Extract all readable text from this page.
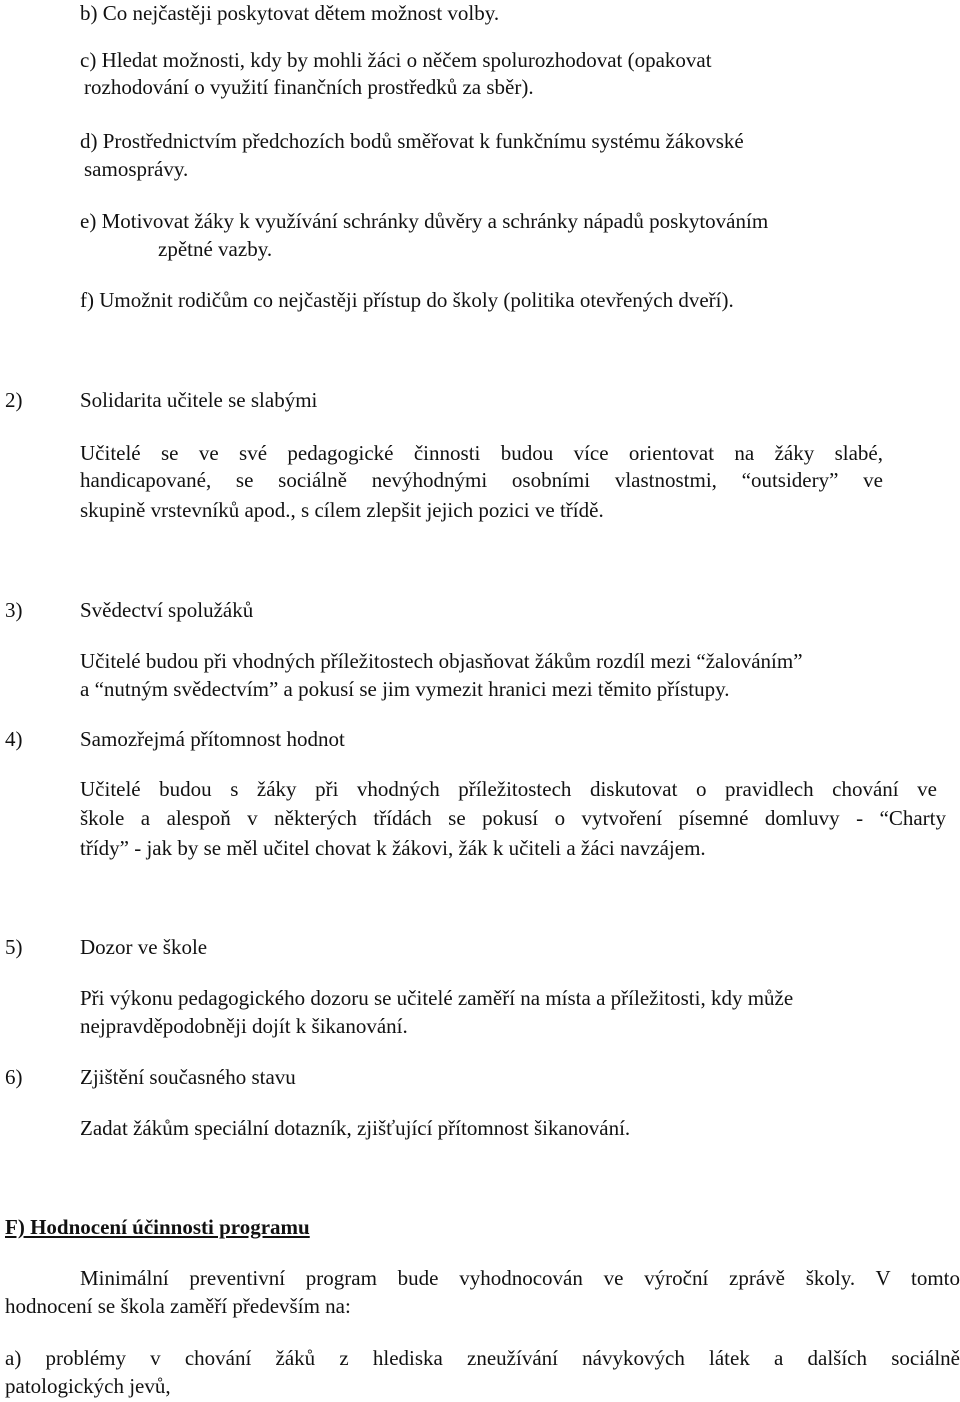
b) Co nejčastěji poskytovat dětem možnost volby.

c) Hledat možnosti, kdy by mohli žáci o něčem spolurozhodovat (opakovat

rozhodování o využití finančních prostředků za sběr).

d) Prostřednictvím předchozích bodů směřovat k funkčnímu systému žákovské

samosprávy.

e) Motivovat žáky k využívání schránky důvěry a schránky nápadů poskytováním

zpětné vazby.

f) Umožnit rodičům co nejčastěji přístup do školy (politika otevřených dveří).

2)	Solidarita učitele se slabými

Učitelé se ve své pedagogické činnosti budou více orientovat na žáky slabé,

handicapované, se sociálně nevýhodnými osobními vlastnostmi, “outsidery” ve

skupině vrstevníků apod., s cílem zlepšit jejich pozici ve třídě.

3)	Svědectví spolužáků

Učitelé budou při vhodných příležitostech objasňovat žákům rozdíl mezi “žalováním”

a “nutným svědectvím” a pokusí se jim vymezit hranici mezi těmito přístupy.

4)	Samozřejmá přítomnost hodnot

Učitelé budou s žáky při vhodných příležitostech diskutovat o pravidlech chování ve

škole a alespoň v některých třídách se pokusí o vytvoření písemné domluvy - “Charty

třídy” - jak by se měl učitel chovat k žákovi, žák k učiteli a žáci navzájem.

5)	Dozor ve škole

Při výkonu pedagogického dozoru se učitelé zaměří na místa a příležitosti, kdy může

nejpravděpodobněji dojít k šikanování.

6)	Zjištění současného stavu

Zadat žákům speciální dotazník, zjišťující přítomnost šikanování.

F) Hodnocení účinnosti programu

Minimální preventivní program bude vyhodnocován ve výroční zprávě školy. V tomto

hodnocení se škola zaměří především na:

a) problémy v chování žáků z hlediska zneužívání návykových látek a dalších sociálně

patologických jevů,
